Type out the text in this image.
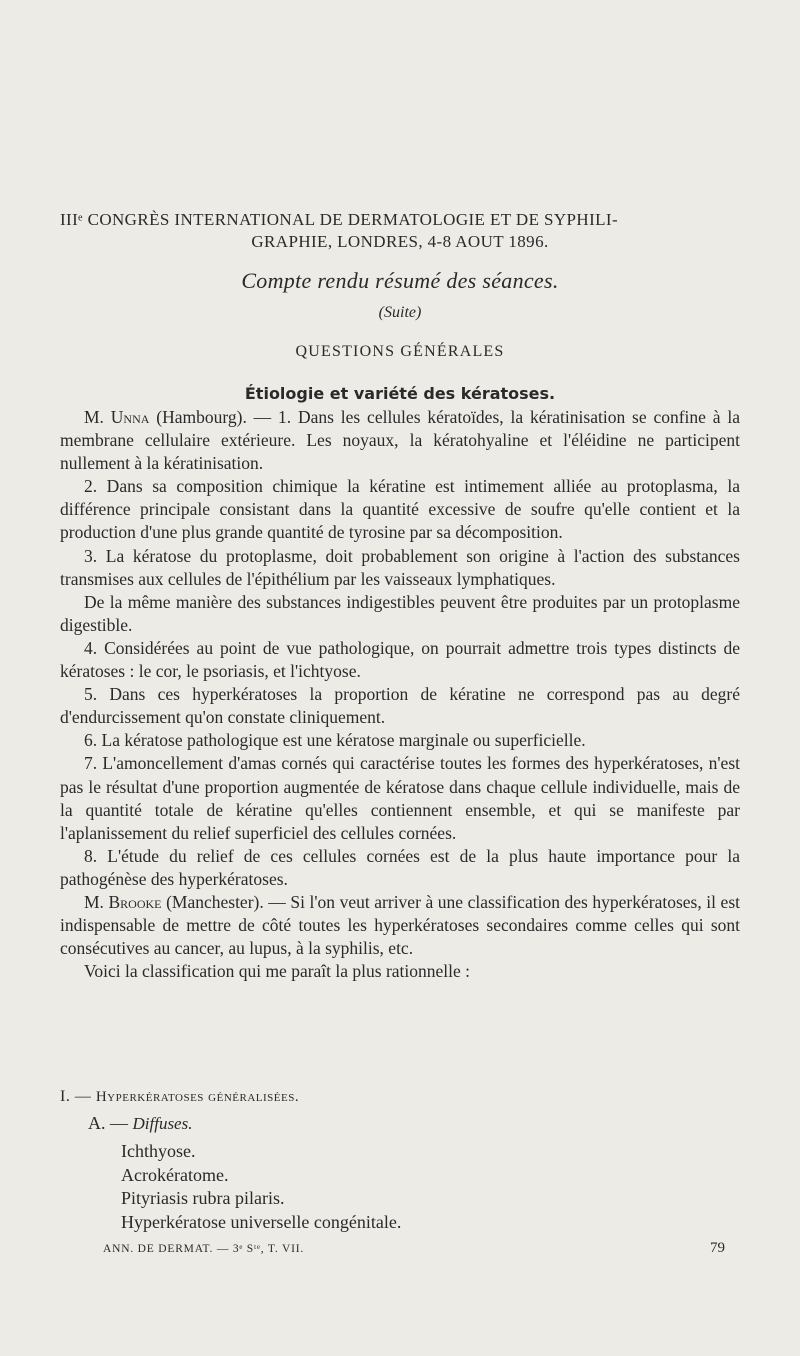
IIIᵉ CONGRÈS INTERNATIONAL DE DERMATOLOGIE ET DE SYPHILI-
GRAPHIE, LONDRES, 4-8 AOUT 1896.
Compte rendu résumé des séances.
(Suite)
QUESTIONS GÉNÉRALES
Étiologie et variété des kératoses.

M. Unna (Hambourg). — 1. Dans les cellules kératoïdes, la kératinisation se confine à la membrane cellulaire extérieure. Les noyaux, la kératohyaline et l'éléidine ne participent nullement à la kératinisation.

2. Dans sa composition chimique la kératine est intimement alliée au protoplasma, la différence principale consistant dans la quantité excessive de soufre qu'elle contient et la production d'une plus grande quantité de tyrosine par sa décomposition.

3. La kératose du protoplasme, doit probablement son origine à l'action des substances transmises aux cellules de l'épithélium par les vaisseaux lymphatiques.

De la même manière des substances indigestibles peuvent être produites par un protoplasme digestible.

4. Considérées au point de vue pathologique, on pourrait admettre trois types distincts de kératoses : le cor, le psoriasis, et l'ichtyose.

5. Dans ces hyperkératoses la proportion de kératine ne correspond pas au degré d'endurcissement qu'on constate cliniquement.

6. La kératose pathologique est une kératose marginale ou superficielle.

7. L'amoncellement d'amas cornés qui caractérise toutes les formes des hyperkératoses, n'est pas le résultat d'une proportion augmentée de kératose dans chaque cellule individuelle, mais de la quantité totale de kératine qu'elles contiennent ensemble, et qui se manifeste par l'aplanissement du relief superficiel des cellules cornées.

8. L'étude du relief de ces cellules cornées est de la plus haute importance pour la pathogénèse des hyperkératoses.

M. Brooke (Manchester). — Si l'on veut arriver à une classification des hyperkératoses, il est indispensable de mettre de côté toutes les hyperkératoses secondaires comme celles qui sont consécutives au cancer, au lupus, à la syphilis, etc.

Voici la classification qui me paraît la plus rationnelle :

I. — Hyperkératoses généralisées.
A. — Diffuses.
Ichthyose.
Acrokératome.
Pityriasis rubra pilaris.
Hyperkératose universelle congénitale.
ANN. DE DERMAT. — 3ᵉ Sᵗᵉ, T. VII.	79
